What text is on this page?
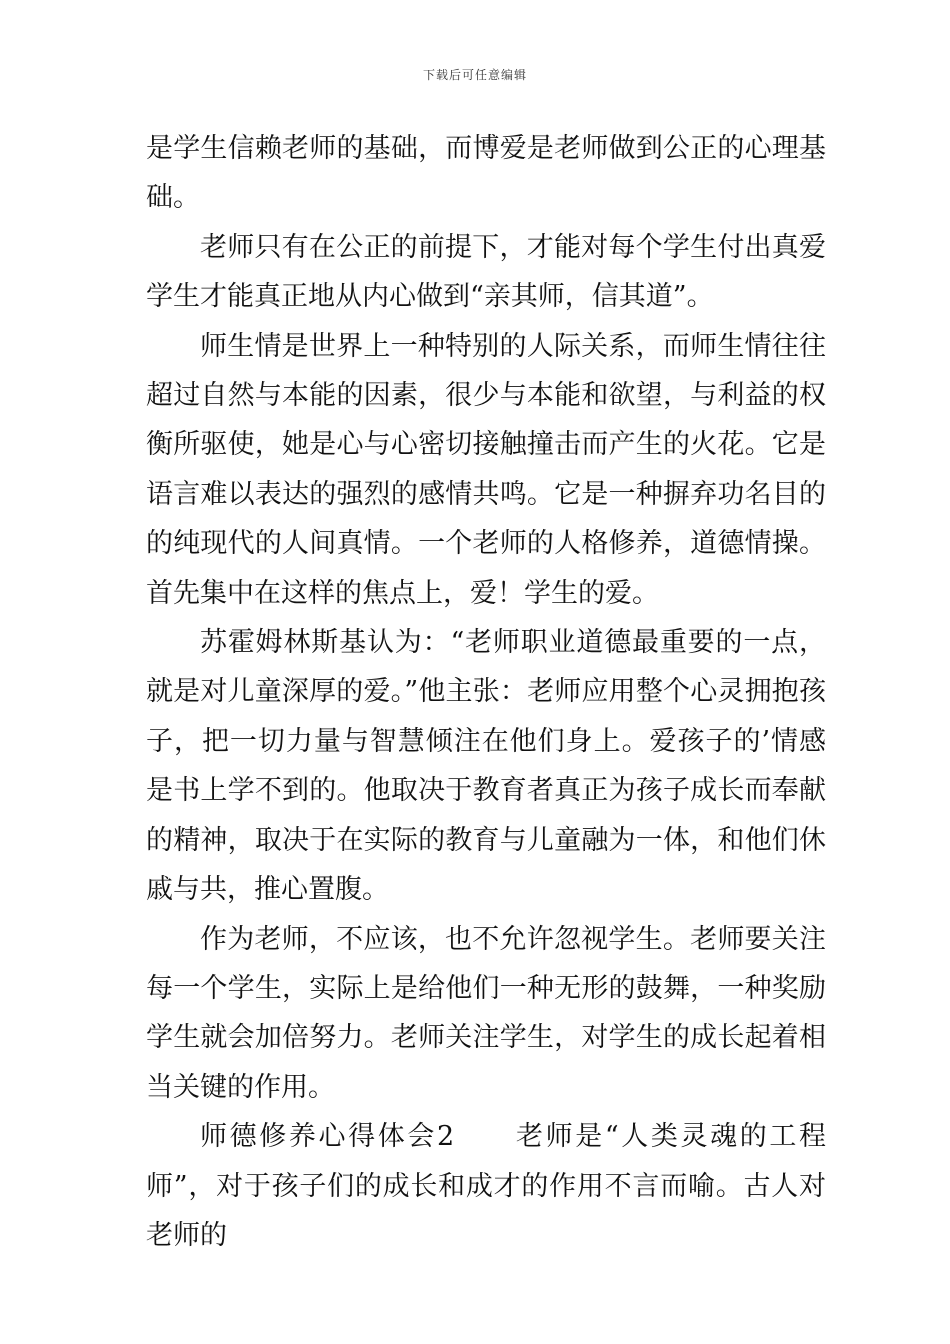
下载后可任意编辑

是学生信赖老师的基础，而博爱是老师做到公正的心理基础。

老师只有在公正的前提下，才能对每个学生付出真爱学生才能真正地从内心做到“亲其师，信其道”。

师生情是世界上一种特别的人际关系，而师生情往往超过自然与本能的因素，很少与本能和欲望，与利益的权衡所驱使，她是心与心密切接触撞击而产生的火花。它是语言难以表达的强烈的感情共鸣。它是一种摒弃功名目的的纯现代的人间真情。一个老师的人格修养，道德情操。首先集中在这样的焦点上，爱！学生的爱。

苏霍姆林斯基认为：“老师职业道德最重要的一点，就是对儿童深厚的爱。”他主张：老师应用整个心灵拥抱孩子，把一切力量与智慧倾注在他们身上。爱孩子的’情感是书上学不到的。他取决于教育者真正为孩子成长而奉献的精神，取决于在实际的教育与儿童融为一体，和他们休戚与共，推心置腹。

作为老师，不应该，也不允许忽视学生。老师要关注每一个学生，实际上是给他们一种无形的鼓舞，一种奖励学生就会加倍努力。老师关注学生，对学生的成长起着相当关键的作用。

师德修养心得体会2　　老师是“人类灵魂的工程师”，对于孩子们的成长和成才的作用不言而喻。古人对老师的
